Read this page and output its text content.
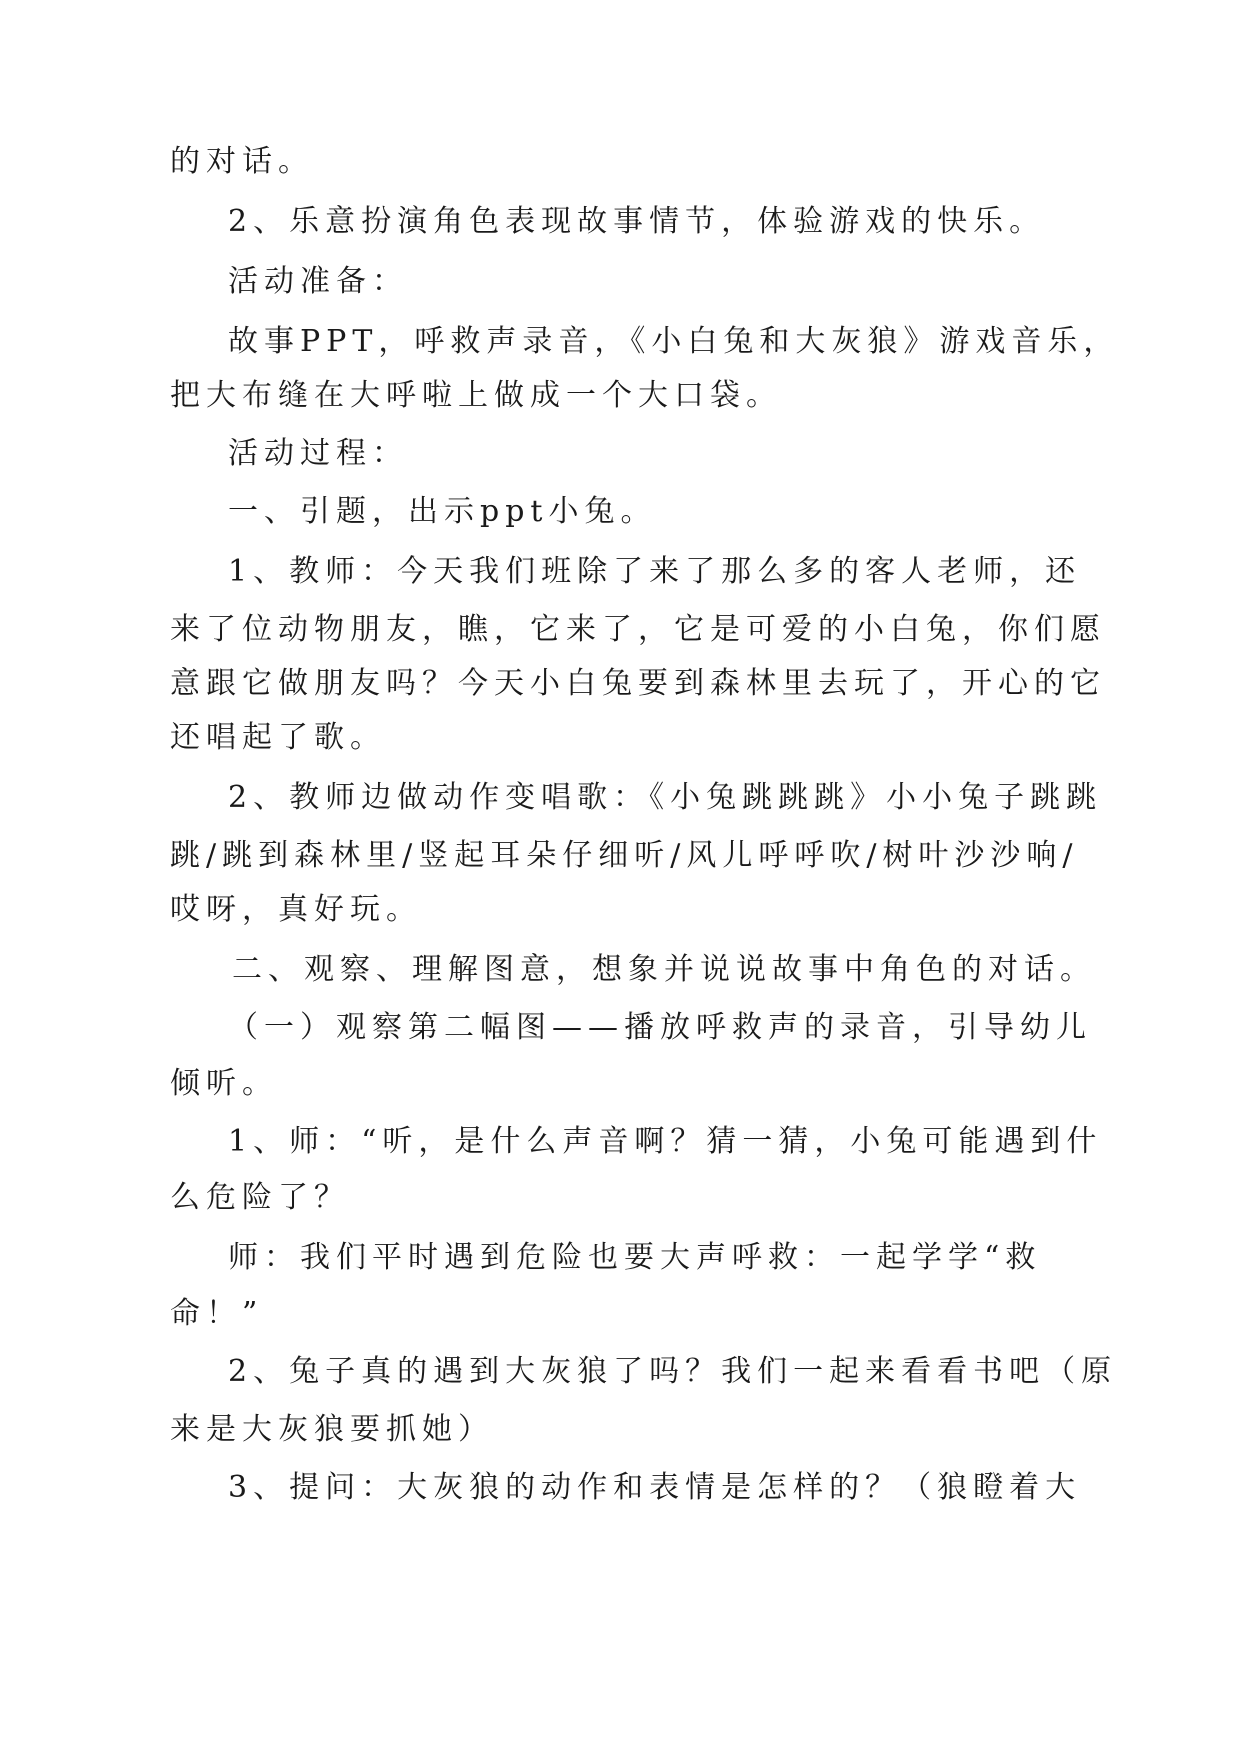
的对话。
2、乐意扮演角色表现故事情节，体验游戏的快乐。
活动准备：
故事PPT，呼救声录音，《小白兔和大灰狼》游戏音乐，
把大布缝在大呼啦上做成一个大口袋。
活动过程：
一、引题，出示ppt小兔。
1、教师：今天我们班除了来了那么多的客人老师，还
来了位动物朋友，瞧，它来了，它是可爱的小白兔，你们愿
意跟它做朋友吗？今天小白兔要到森林里去玩了，开心的它
还唱起了歌。
2、教师边做动作变唱歌：《小兔跳跳跳》小小兔子跳跳
跳/跳到森林里/竖起耳朵仔细听/风儿呼呼吹/树叶沙沙响/
哎呀，真好玩。
二、观察、理解图意，想象并说说故事中角色的对话。
（一）观察第二幅图——播放呼救声的录音，引导幼儿
倾听。
1、师：“听，是什么声音啊？猜一猜，小兔可能遇到什
么危险了？
师：我们平时遇到危险也要大声呼救：一起学学“救
命！”
2、兔子真的遇到大灰狼了吗？我们一起来看看书吧（原
来是大灰狼要抓她）
3、提问：大灰狼的动作和表情是怎样的？（狼瞪着大
